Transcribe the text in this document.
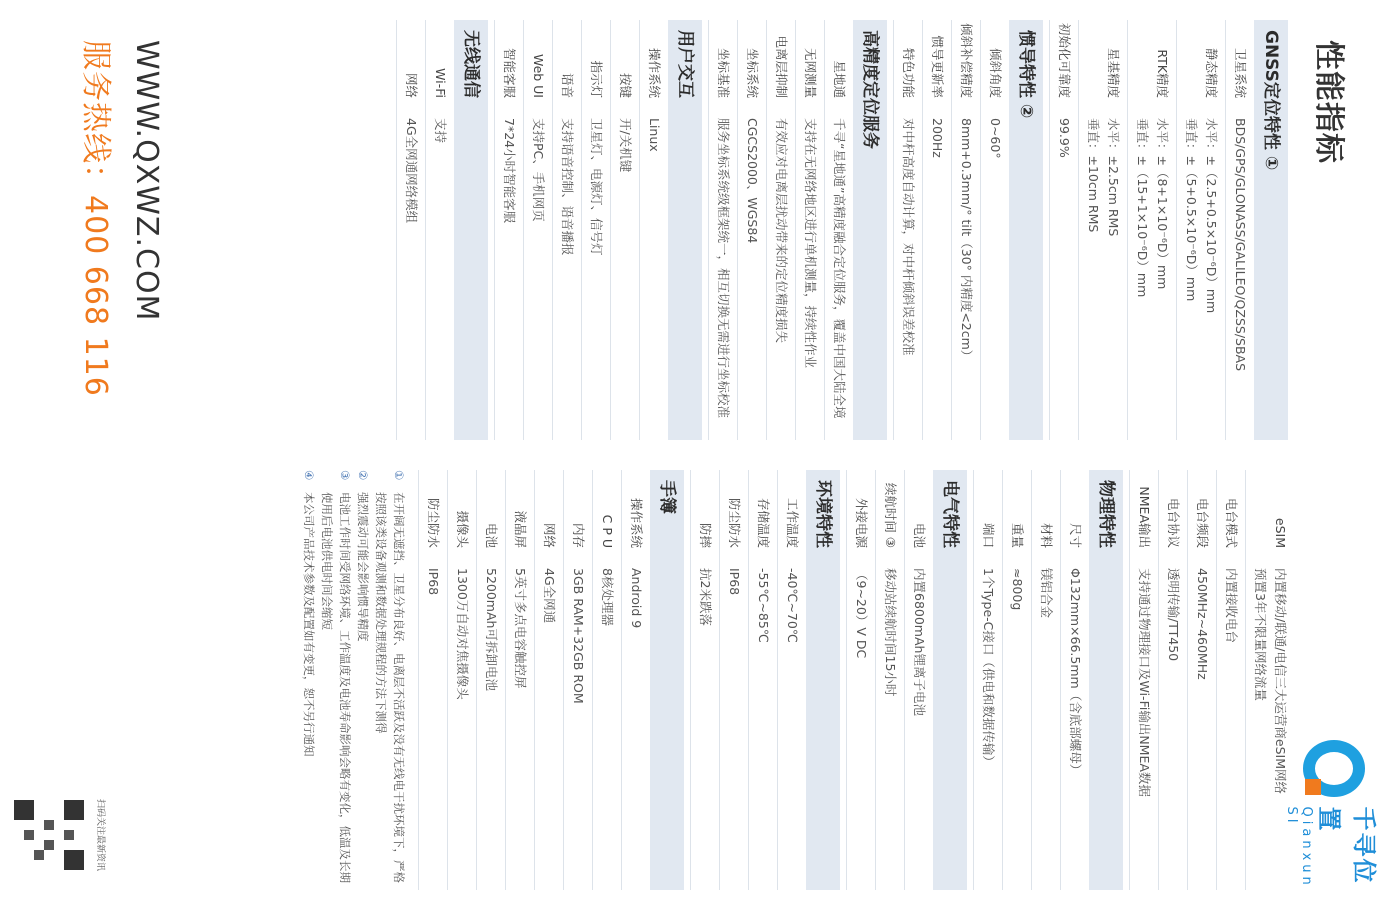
性能指标
千寻位置
Qianxun SI
GNSS定位特性 ①
卫星系统
BDS/GPS/GLONASS/GALILEO/QZSS/SBAS
静态精度
水平：±（2.5+0.5×10⁻⁶D）mm
垂直：±（5+0.5×10⁻⁶D）mm
RTK精度
水平：±（8+1×10⁻⁶D）mm
垂直：±（15+1×10⁻⁶D）mm
星基精度
水平：±2.5cm RMS
垂直：±10cm RMS
初始化可靠度
99.9%
惯导特性 ②
倾斜角度
0~60°
倾斜补偿精度
8mm+0.3mm/° tilt（30° 内精度<2cm）
惯导更新率
200Hz
特色功能
对中杆高度自动计算，对中杆倾斜误差校准
高精度定位服务
星地通
千寻“星地通”高精度融合定位服务，覆盖中国大陆全境
无网测量
支持在无网络地区进行单机测量，持续性作业
电离层抑制
有效应对电离层扰动带来的定位精度损失
坐标系统
CGCS2000、WGS84
坐标基准
服务坐标系统级框架统一，相互切换无需进行坐标校准
用户交互
操作系统
Linux
按键
开/关机键
指示灯
卫星灯、电源灯、信号灯
语音
支持语音控制、语音播报
Web UI
支持PC、手机网页
智能客服
7*24小时智能客服
无线通信
Wi-Fi
支持
网络
4G全网通网络模组
eSIM
内置移动/联通/电信三大运营商eSIM网络
预置3年不限量网络流量
电台模式
内置接收电台
电台频段
450MHz~460MHz
电台协议
透明传输/TT450
NMEA输出
支持通过物理接口及Wi-Fi输出NMEA数据
物理特性
尺寸
Φ132mm×66.5mm（含底部螺母）
材料
镁铝合金
重量
≈800g
端口
1个Type-C接口（供电和数据传输）
电气特性
电池
内置6800mAh锂离子电池
续航时间 ③
移动站续航时间15小时
外接电源
（9~20）V DC
环境特性
工作温度
-40℃~70℃
存储温度
-55℃~85℃
防尘防水
IP68
防摔
抗2米跌落
手簿
操作系统
Android 9
C P U
8核处理器
内存
3GB RAM+32GB ROM
网络
4G全网通
液晶屏
5英寸多点电容触控屏
电池
5200mAh可拆卸电池
摄像头
1300万自动对焦摄像头
防尘防水
IP68
①
在开阔无遮挡、卫星分布良好、电离层不活跃及没有无线电干扰环境下，严格按照该类设备观测和数据处理规程的方法下测得
②
强烈震动可能会影响惯导精度
③
电池工作时间受网络环境、工作温度及电池寿命影响会略有变化，低温及长期使用后电池供电时间会缩短
④
本公司产品技术参数及配置如有变更，恕不另行通知
WWW.QXWZ.COM
服务热线：400 668 116
扫码关注最新资讯
